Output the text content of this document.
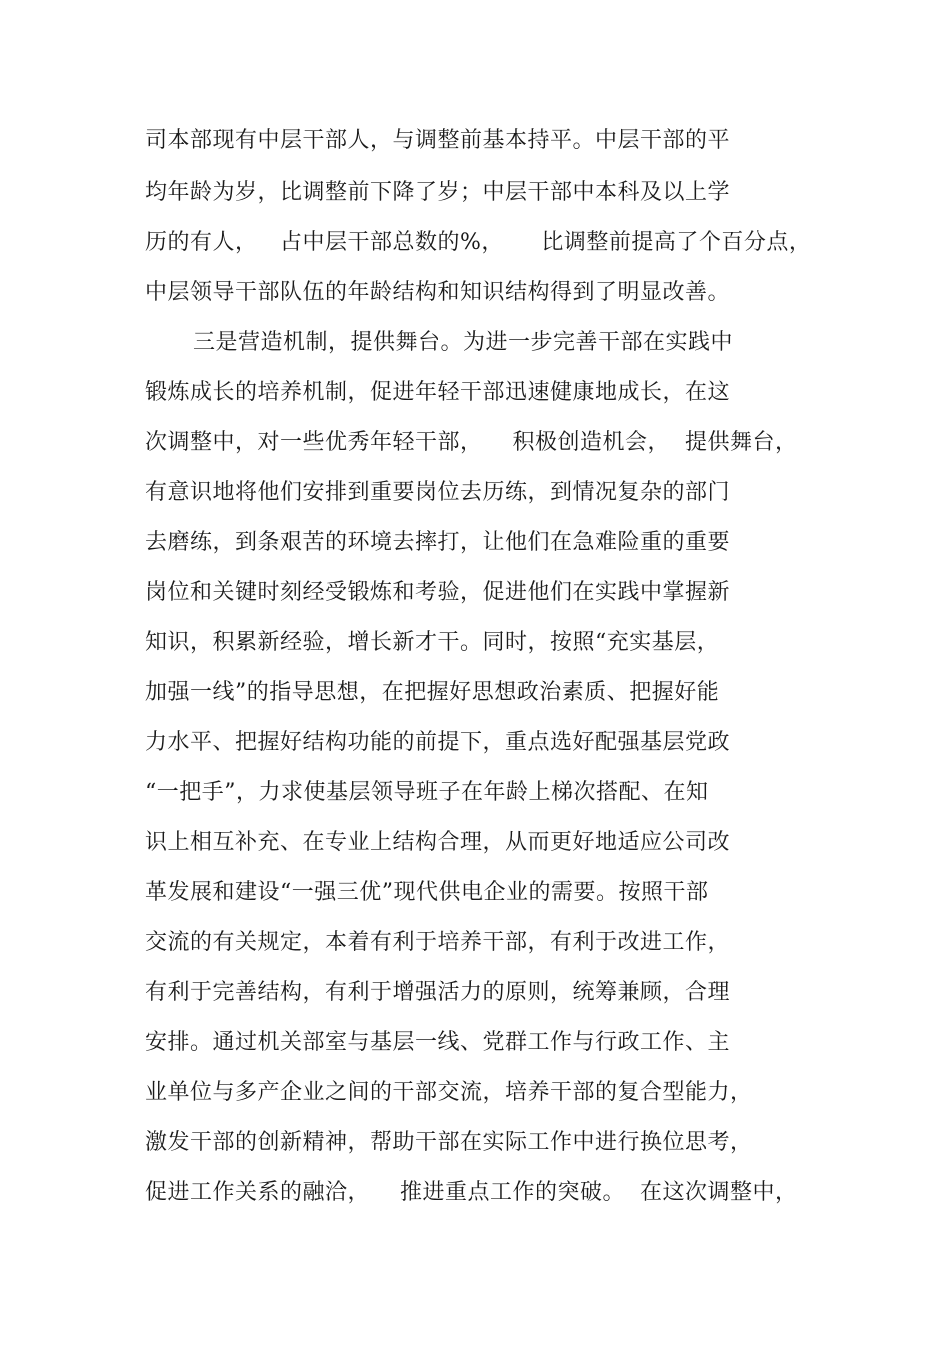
司本部现有中层干部人，与调整前基本持平。中层干部的平
均年龄为岁，比调整前下降了岁；中层干部中本科及以上学
历的有人，   占中层干部总数的%，     比调整前提高了个百分点，
中层领导干部队伍的年龄结构和知识结构得到了明显改善。
三是营造机制，提供舞台。为进一步完善干部在实践中
锻炼成长的培养机制，促进年轻干部迅速健康地成长，在这
次调整中，对一些优秀年轻干部，    积极创造机会，  提供舞台，
有意识地将他们安排到重要岗位去历练，到情况复杂的部门
去磨练，到条艰苦的环境去摔打，让他们在急难险重的重要
岗位和关键时刻经受锻炼和考验，促进他们在实践中掌握新
知识，积累新经验，增长新才干。同时，按照“充实基层，
加强一线”的指导思想，在把握好思想政治素质、把握好能
力水平、把握好结构功能的前提下，重点选好配强基层党政
“一把手”，力求使基层领导班子在年龄上梯次搭配、在知
识上相互补充、在专业上结构合理，从而更好地适应公司改
革发展和建设“一强三优”现代供电企业的需要。按照干部
交流的有关规定，本着有利于培养干部，有利于改进工作，
有利于完善结构，有利于增强活力的原则，统筹兼顾，合理
安排。通过机关部室与基层一线、党群工作与行政工作、主
业单位与多产企业之间的干部交流，培养干部的复合型能力，
激发干部的创新精神，帮助干部在实际工作中进行换位思考，
促进工作关系的融洽，    推进重点工作的突破。  在这次调整中，
